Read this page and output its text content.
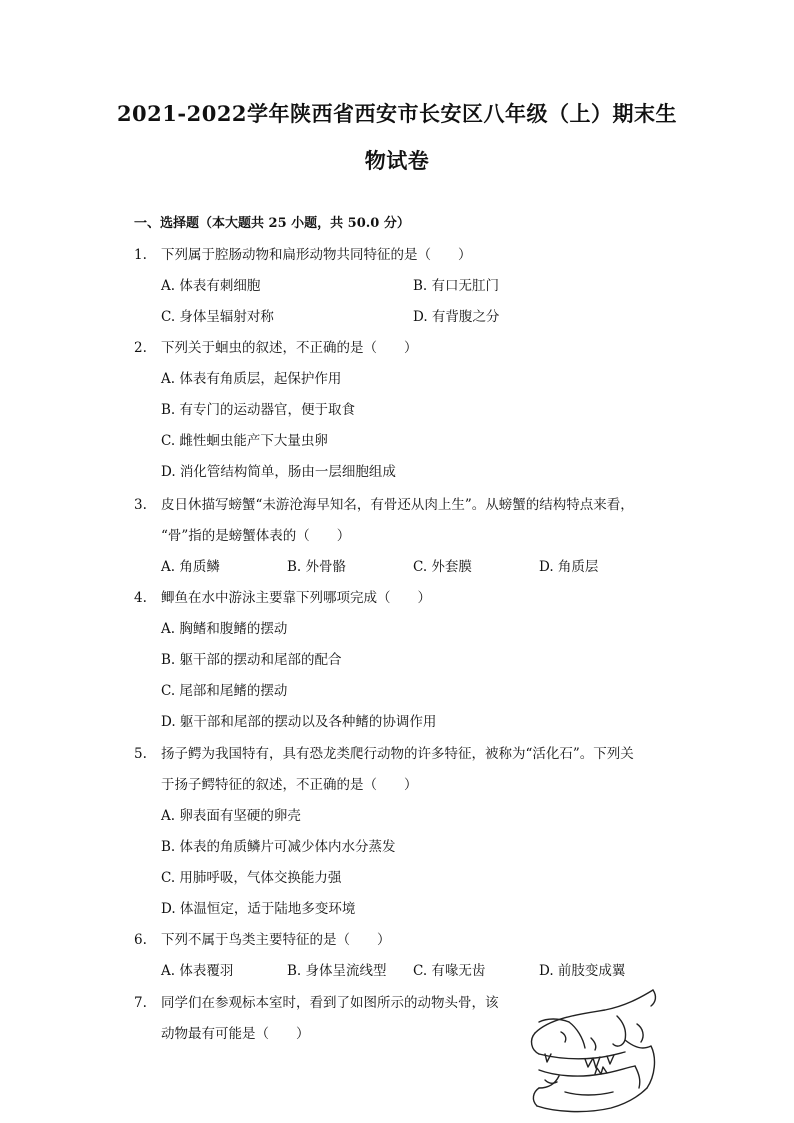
2021-2022学年陕西省西安市长安区八年级（上）期末生
物试卷
一、选择题（本大题共 25 小题，共 50.0 分）
1. 下列属于腔肠动物和扁形动物共同特征的是（　　）
A. 体表有刺细胞	B. 有口无肛门
C. 身体呈辐射对称	D. 有背腹之分
2. 下列关于蛔虫的叙述，不正确的是（　　）
A. 体表有角质层，起保护作用
B. 有专门的运动器官，便于取食
C. 雌性蛔虫能产下大量虫卵
D. 消化管结构简单，肠由一层细胞组成
3. 皮日休描写螃蟹“未游沧海早知名，有骨还从肉上生”。从螃蟹的结构特点来看，
“骨”指的是螃蟹体表的（　　）
A. 角质鳞	B. 外骨骼	C. 外套膜	D. 角质层
4. 鲫鱼在水中游泳主要靠下列哪项完成（　　）
A. 胸鳍和腹鳍的摆动
B. 躯干部的摆动和尾部的配合
C. 尾部和尾鳍的摆动
D. 躯干部和尾部的摆动以及各种鳍的协调作用
5. 扬子鳄为我国特有，具有恐龙类爬行动物的许多特征，被称为“活化石”。下列关
于扬子鳄特征的叙述，不正确的是（　　）
A. 卵表面有坚硬的卵壳
B. 体表的角质鳞片可减少体内水分蒸发
C. 用肺呼吸，气体交换能力强
D. 体温恒定，适于陆地多变环境
6. 下列不属于鸟类主要特征的是（　　）
A. 体表覆羽	B. 身体呈流线型 C. 有喙无齿	D. 前肢变成翼
7. 同学们在参观标本室时，看到了如图所示的动物头骨，该
动物最有可能是（　　）
